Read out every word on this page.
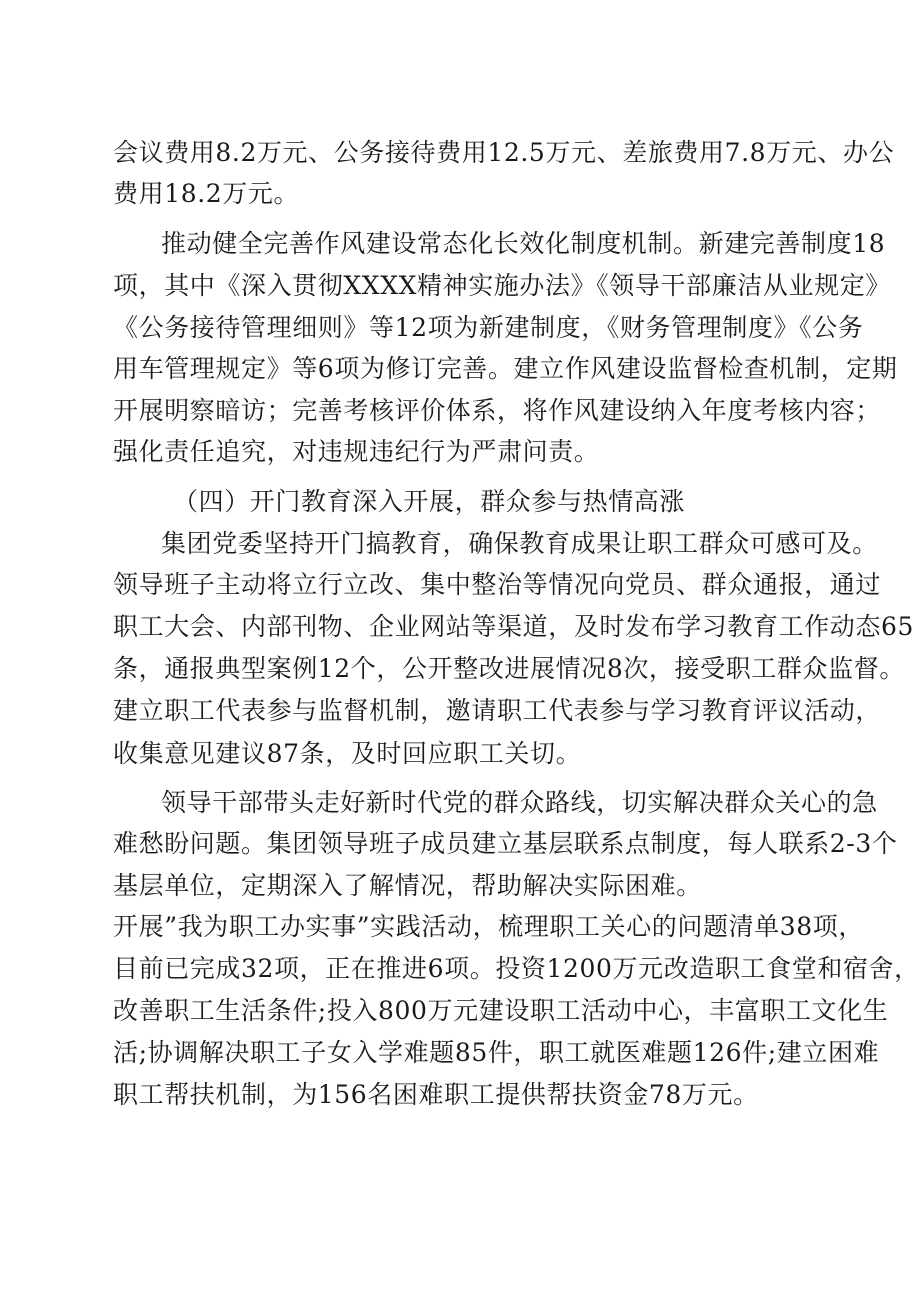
会议费用8.2万元、公务接待费用12.5万元、差旅费用7.8万元、办公
费用18.2万元。
推动健全完善作风建设常态化长效化制度机制。新建完善制度18
项，其中《深入贯彻XXXX精神实施办法》《领导干部廉洁从业规定》
《公务接待管理细则》等12项为新建制度，《财务管理制度》《公务
用车管理规定》等6项为修订完善。建立作风建设监督检查机制，定期
开展明察暗访；完善考核评价体系，将作风建设纳入年度考核内容；
强化责任追究，对违规违纪行为严肃问责。
（四）开门教育深入开展，群众参与热情高涨
集团党委坚持开门搞教育，确保教育成果让职工群众可感可及。
领导班子主动将立行立改、集中整治等情况向党员、群众通报，通过
职工大会、内部刊物、企业网站等渠道，及时发布学习教育工作动态65
条，通报典型案例12个，公开整改进展情况8次，接受职工群众监督。
建立职工代表参与监督机制，邀请职工代表参与学习教育评议活动，
收集意见建议87条，及时回应职工关切。
领导干部带头走好新时代党的群众路线，切实解决群众关心的急
难愁盼问题。集团领导班子成员建立基层联系点制度，每人联系2-3个
基层单位，定期深入了解情况，帮助解决实际困难。
开展”我为职工办实事”实践活动，梳理职工关心的问题清单38项，
目前已完成32项，正在推进6项。投资1200万元改造职工食堂和宿舍，
改善职工生活条件;投入800万元建设职工活动中心，丰富职工文化生
活;协调解决职工子女入学难题85件，职工就医难题126件;建立困难
职工帮扶机制，为156名困难职工提供帮扶资金78万元。
